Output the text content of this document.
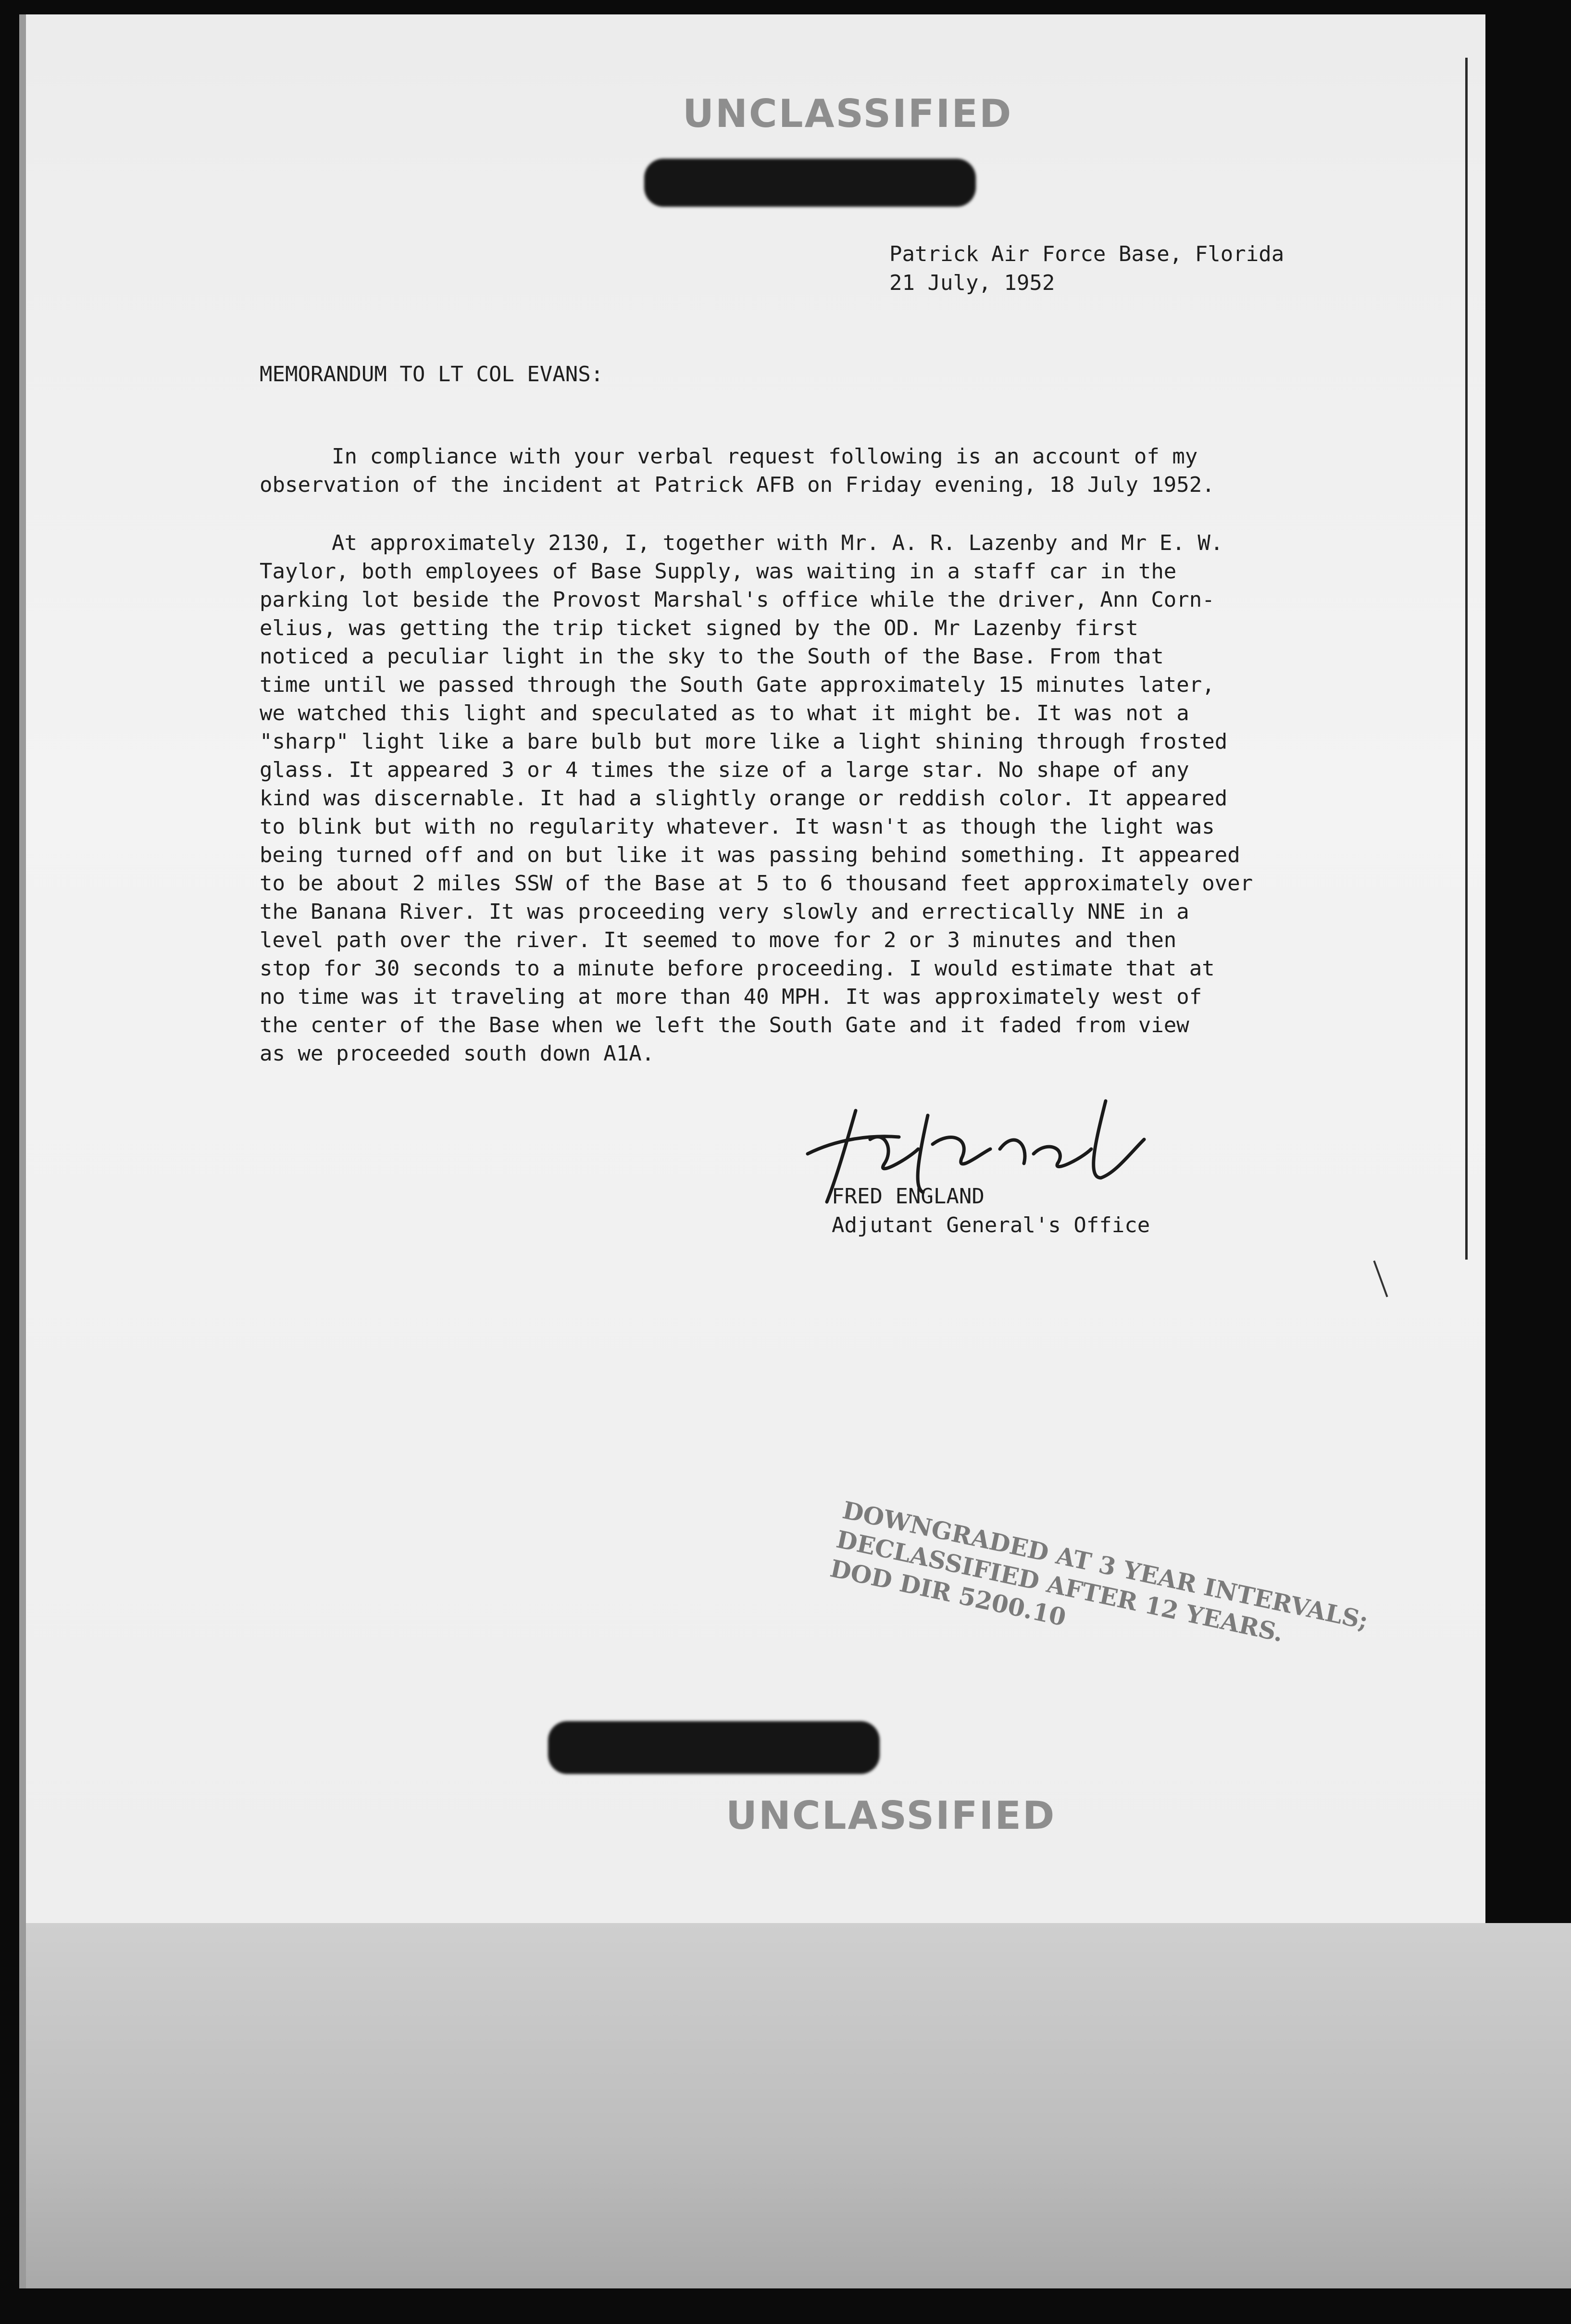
UNCLASSIFIED
Patrick Air Force Base, Florida
21 July, 1952
MEMORANDUM TO LT COL EVANS:
In compliance with your verbal request following is an account of my
observation of the incident at Patrick AFB on Friday evening, 18 July 1952.
At approximately 2130, I, together with Mr. A. R. Lazenby and Mr E. W.
Taylor, both employees of Base Supply, was waiting in a staff car in the
parking lot beside the Provost Marshal's office while the driver, Ann Corn-
elius, was getting the trip ticket signed by the OD. Mr Lazenby first
noticed a peculiar light in the sky to the South of the Base. From that
time until we passed through the South Gate approximately 15 minutes later,
we watched this light and speculated as to what it might be. It was not a
"sharp" light like a bare bulb but more like a light shining through frosted
glass. It appeared 3 or 4 times the size of a large star. No shape of any
kind was discernable. It had a slightly orange or reddish color. It appeared
to blink but with no regularity whatever. It wasn't as though the light was
being turned off and on but like it was passing behind something. It appeared
to be about 2 miles SSW of the Base at 5 to 6 thousand feet approximately over
the Banana River. It was proceeding very slowly and errectically NNE in a
level path over the river. It seemed to move for 2 or 3 minutes and then
stop for 30 seconds to a minute before proceeding. I would estimate that at
no time was it traveling at more than 40 MPH. It was approximately west of
the center of the Base when we left the South Gate and it faded from view
as we proceeded south down A1A.
FRED ENGLAND
Adjutant General's Office
DOWNGRADED AT 3 YEAR INTERVALS;
DECLASSIFIED AFTER 12 YEARS.
DOD DIR 5200.10
UNCLASSIFIED
